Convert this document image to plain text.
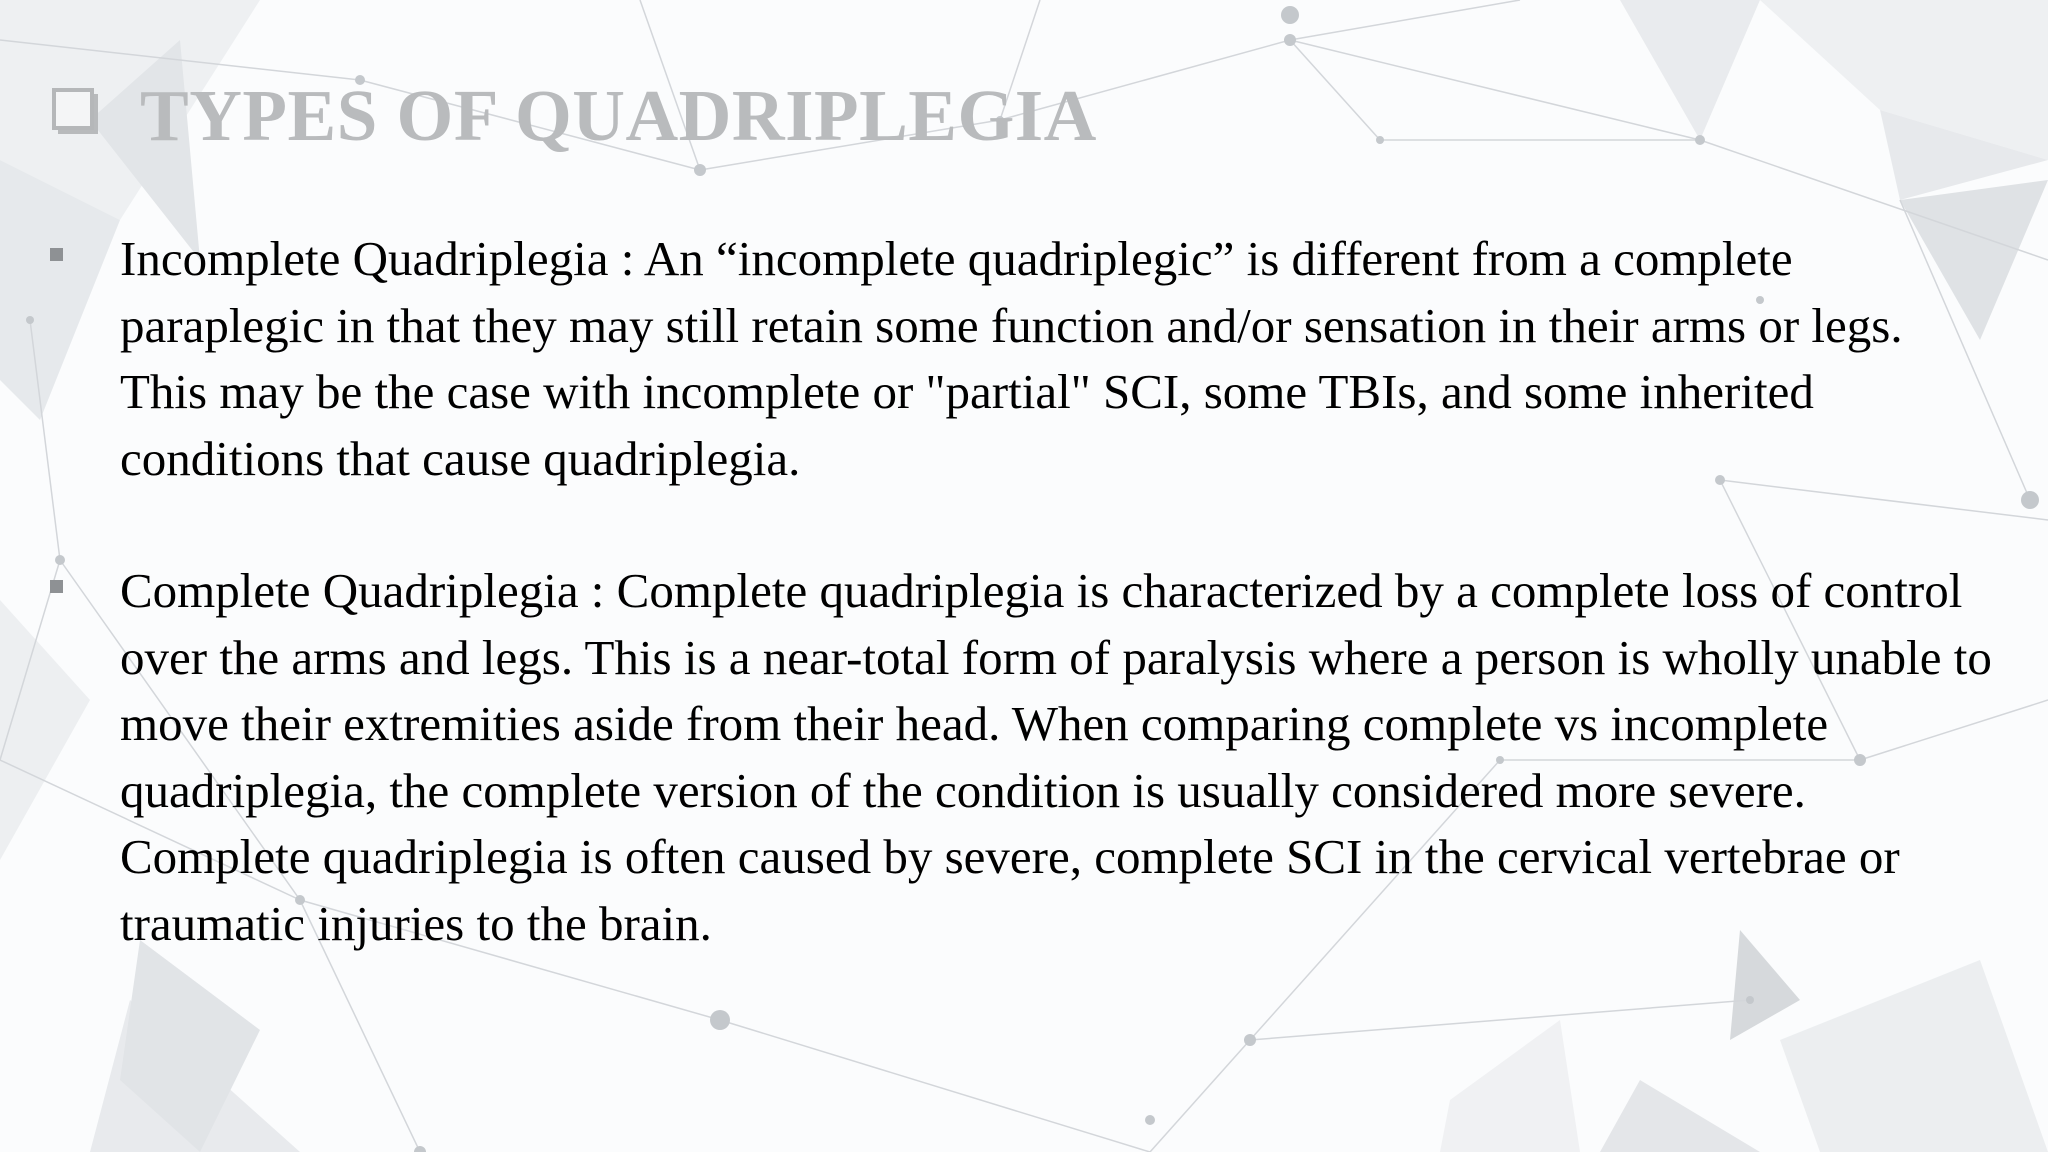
TYPES OF QUADRIPLEGIA
Incomplete Quadriplegia : An “incomplete quadriplegic” is different from a complete paraplegic in that they may still retain some function and/or sensation in their arms or legs. This may be the case with incomplete or "partial" SCI, some TBIs, and some inherited conditions that cause quadriplegia.
Complete Quadriplegia : Complete quadriplegia is characterized by a complete loss of control over the arms and legs. This is a near-total form of paralysis where a person is wholly unable to move their extremities aside from their head. When comparing complete vs incomplete quadriplegia, the complete version of the condition is usually considered more severe. Complete quadriplegia is often caused by severe, complete SCI in the cervical vertebrae or traumatic injuries to the brain.
